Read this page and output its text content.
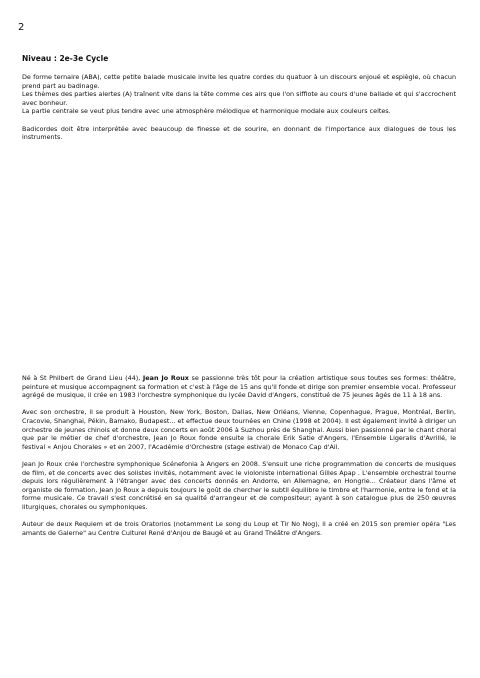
2
Niveau : 2e-3e Cycle

De forme ternaire (ABA), cette petite balade musicale invite les quatre cordes du quatuor à un discours enjoué et espiègle, où chacun prend part au badinage.

Les thèmes des parties alertes (A) traînent vite dans la tête comme ces airs que l'on siffiote au cours d'une ballade et qui s'accrochent avec bonheur.

La partie centrale se veut plus tendre avec une atmosphère mélodique et harmonique modale aux couleurs celtes.

Badicordes doit être interprétée avec beaucoup de finesse et de sourire, en donnant de l'importance aux dialogues de tous les instruments.

Né à St Philbert de Grand Lieu (44), Jean Jo Roux se passionne très tôt pour la création artistique sous toutes ses formes: théâtre, peinture et musique accompagnent sa formation et c'est à l'âge de 15 ans qu'il fonde et dirige son premier ensemble vocal. Professeur agrégé de musique, il crée en 1983 l'orchestre symphonique du lycée David d'Angers, constitué de 75 jeunes âgés de 11 à 18 ans.

Avec son orchestre, il se produit à Houston, New York, Boston, Dallas, New Orléans, Vienne, Copenhague, Prague, Montréal, Berlin, Cracovie, Shanghai, Pékin, Bamako, Budapest... et effectue deux tournées en Chine (1998 et 2004). Il est également invité à diriger un orchestre de jeunes chinois et donne deux concerts en août 2006 à Suzhou près de Shanghai. Aussi bien passionné par le chant choral que par le métier de chef d'orchestre, Jean Jo Roux fonde ensuite la chorale Erik Satie d'Angers, l'Ensemble Ligeralis d'Avrillé, le festival « Anjou Chorales » et en 2007, l'Académie d'Orchestre (stage estival) de Monaco Cap d'Ail.

Jean Jo Roux crée l'orchestre symphonique Scénefonia à Angers en 2008. S'ensuit une riche programmation de concerts de musiques de film, et de concerts avec des solistes invités, notamment avec le violoniste international Gilles Apap . L'ensemble orchestral tourne depuis lors régulièrement à l'étranger avec des concerts donnés en Andorre, en Allemagne, en Hongrie... Créateur dans l'âme et organiste de formation, Jean Jo Roux a depuis toujours le goût de chercher le subtil équilibre le timbre et l'harmonie, entre le fond et la forme musicale. Ce travail s'est concrétisé en sa qualité d'arrangeur et de compositeur; ayant à son catalogue plus de 250 œuvres liturgiques, chorales ou symphoniques.

Auteur de deux Requiem et de trois Oratorios (notamment Le song du Loup et Tir No Nog), il a créé en 2015 son premier opéra "Les amants de Galerne" au Centre Culturel René d'Anjou de Baugé et au Grand Théâtre d'Angers.
